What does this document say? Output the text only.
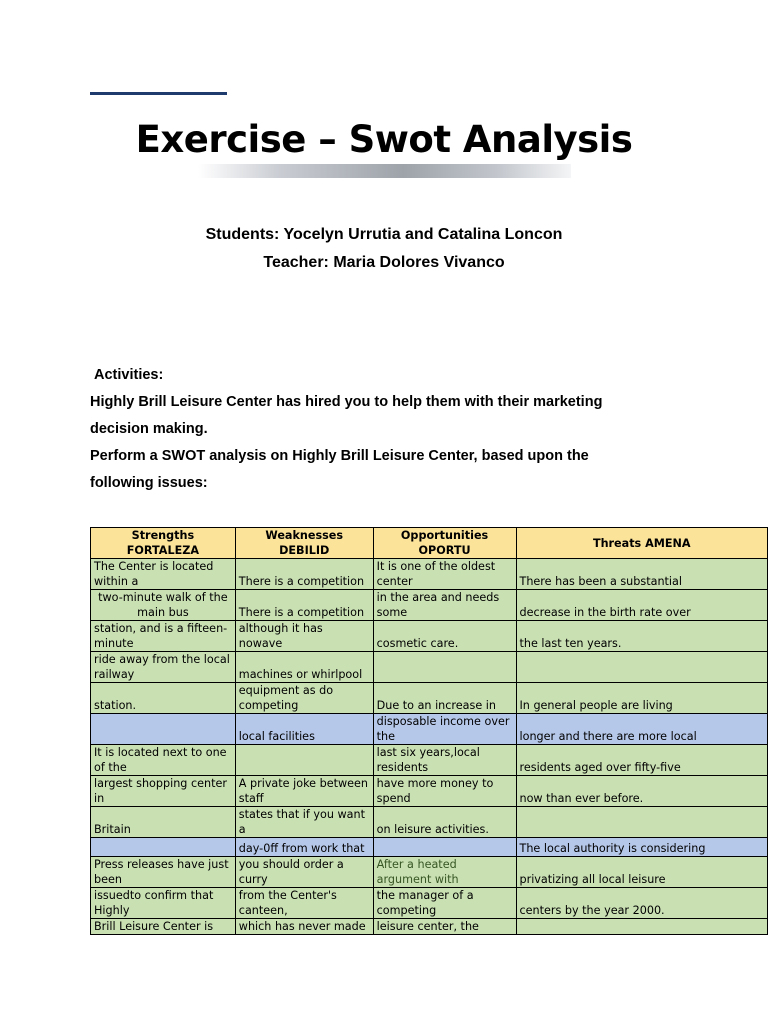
Exercise – Swot Analysis
Students: Yocelyn Urrutia and Catalina Loncon
Teacher: Maria Dolores Vivanco
Activities:
Highly Brill Leisure Center has hired you to help them with their marketing
decision making.
Perform a SWOT analysis on Highly Brill Leisure Center, based upon the
following issues:
Strengths FORTALEZA	Weaknesses DEBILID	Opportunities OPORTU	Threats AMENA
The Center is located within a	There is a competition	It is one of the oldest center	There has been a substantial
two-minute walk of the main bus	There is a competition	in the area and needs some	decrease in the birth rate over
station, and is a fifteen-minute	although it has nowave	cosmetic care.	the last ten years.
ride away from the local railway	machines or whirlpool		
station.	equipment as do competing	Due to an increase in	In general people are living
	local facilities	disposable income over the	longer and there are more local
It is located next to one of the		last six years,local residents	residents aged over fifty-five
largest shopping center in	A private joke between staff	have more money to spend	now than ever before.
Britain	states that if you want a	on leisure activities.	
	day-0ff from work that		The local authority is considering
Press releases have just been	you should order a curry	After a heated argument with	privatizing all local leisure
issuedto confirm that Highly	from the Center's canteen,	the manager of a competing	centers by the year 2000.
Brill Leisure Center is	which has never made	leisure center, the	
